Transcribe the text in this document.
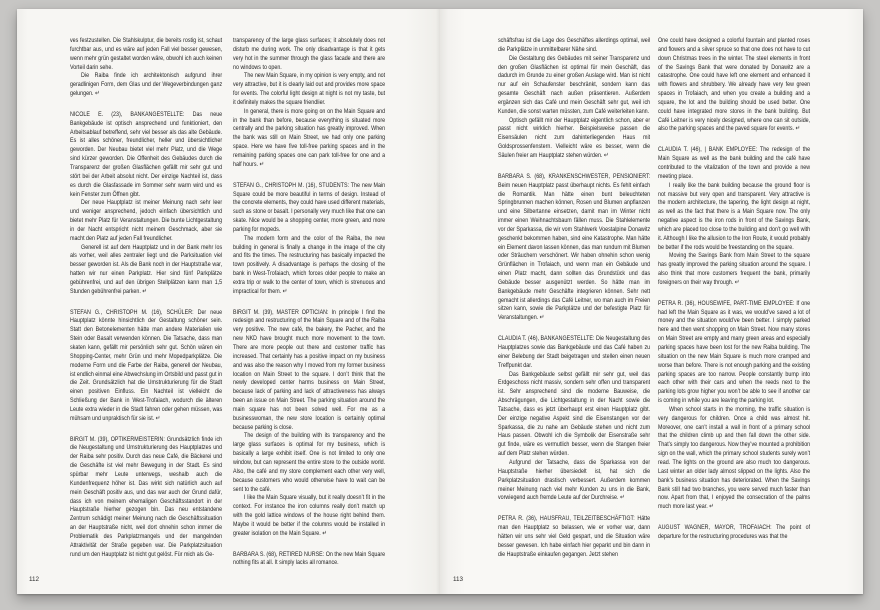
ves festzustellen. Die Stahlskulptur, die bereits rostig ist, schaut furchtbar aus, und es wäre auf jeden Fall viel besser gewesen, wenn mehr grün gestaltet worden wäre, obwohl ich auch keinen Vorteil darin sehe.

Die Raiba finde ich architektonisch aufgrund ihrer geradlinigen Form, dem Glas und der Wegeverbindungen ganz gelungen. ↵

NICOLE E. (23), BANKANGESTELLTE: Das neue Bankgebäude ist optisch ansprechend und funktioniert, den Arbeitsablauf betreffend, sehr viel besser als das alte Gebäude. Es ist alles schöner, freundlicher, heller und übersichtlicher geworden. Der Neubau bietet viel mehr Platz, und die Wege sind kürzer geworden. Die Offenheit des Gebäudes durch die Transparenz der großen Glasflächen gefällt mir sehr gut und stört bei der Arbeit absolut nicht. Der einzige Nachteil ist, dass es durch die Glasfassade im Sommer sehr warm wird und es kein Fenster zum Öffnen gibt.

Der neue Hauptplatz ist meiner Meinung nach sehr leer und weniger ansprechend, jedoch einfach übersichtlich und bietet mehr Platz für Veranstaltungen. Die bunte Lichtgestaltung in der Nacht entspricht nicht meinem Geschmack, aber sie macht den Platz auf jeden Fall freundlicher.

Generell ist auf dem Hauptplatz und in der Bank mehr los als vorher, weil alles zentraler liegt und die Parksituation viel besser geworden ist. Als die Bank noch in der Hauptstraße war, hatten wir nur einen Parkplatz. Hier sind fünf Parkplätze gebührenfrei, und auf den übrigen Stellplätzen kann man 1,5 Stunden gebührenfrei parken. ↵

STEFAN G., CHRISTOPH M. (16), SCHÜLER: Der neue Hauptplatz könnte hinsichtlich der Gestaltung schöner sein. Statt den Betonelementen hätte man andere Materialien wie Stein oder Basalt verwenden können. Die Tatsache, dass man skaten kann, gefällt mir persönlich sehr gut. Schön wären ein Shopping-Center, mehr Grün und mehr Mopedparkplätze. Die moderne Form und die Farbe der Raiba, generell der Neubau, ist endlich einmal eine Abwechslung im Ortsbild und passt gut in die Zeit. Grundsätzlich hat die Umstrukturierung für die Stadt einen positiven Einfluss. Ein Nachteil ist vielleicht die Schließung der Bank in West-Trofaiach, wodurch die älteren Leute extra wieder in die Stadt fahren oder gehen müssen, was mühsam und unpraktisch für sie ist. ↵

BIRGIT M. (39), OPTIKERMEISTERIN: Grundsätzlich finde ich die Neugestaltung und Umstrukturierung des Hauptplatzes und der Raiba sehr positiv. Durch das neue Café, die Bäckerei und die Geschäfte ist viel mehr Bewegung in der Stadt. Es sind spürbar mehr Leute unterwegs, weshalb auch die Kundenfrequenz höher ist. Das wirkt sich natürlich auch auf mein Geschäft positiv aus, und das war auch der Grund dafür, dass ich von meinem ehemaligen Geschäftsstandort in der Hauptstraße hierher gezogen bin. Das neu entstandene Zentrum schädigt meiner Meinung nach die Geschäftssituation an der Hauptstraße nicht, weil dort ohnehin schon immer die Problematik des Parkplatzmangels und der mangelnden Attraktivität der Straße gegeben war. Die Parkplatzsituation rund um den Hauptplatz ist nicht gut gelöst. Für mich als Ge-

transparency of the large glass surfaces; it absolutely does not disturb me during work. The only disadvantage is that it gets very hot in the summer through the glass facade and there are no windows to open.

The new Main Square, in my opinion is very empty, and not very attractive, but it is clearly laid out and provides more space for events. The colorful light design at night is not my taste, but it definitely makes the square friendlier.

In general, there is more going on on the Main Square and in the bank than before, because everything is situated more centrally and the parking situation has greatly improved. When the bank was still on Main Street, we had only one parking space. Here we have five toll-free parking spaces and in the remaining parking spaces one can park toll-free for one and a half hours. ↵

STEFAN G., CHRISTOPH M. (16), STUDENTS: The new Main Square could be more beautiful in terms of design. Instead of the concrete elements, they could have used different materials, such as stone or basalt. I personally very much like that one can skate. Nice would be a shopping center, more green, and more parking for mopeds.

The modern form and the color of the Raiba, the new building in general is finally a change in the image of the city and fits the times. The restructuring has basically impacted the town positively. A disadvantage is perhaps the closing of the bank in West-Trofaiach, which forces older people to make an extra trip or walk to the center of town, which is strenuous and impractical for them. ↵

BIRGIT M. (39), MASTER OPTICIAN: In principle I find the redesign and restructuring of the Main Square and of the Raiba very positive. The new café, the bakery, the Pacher, and the new NKD have brought much more movement to the town. There are more people out there and customer traffic has increased. That certainly has a positive impact on my business and was also the reason why I moved from my former business location on Main Street to the square. I don’t think that the newly developed center harms business on Main Street, because lack of parking and lack of attractiveness has always been an issue on Main Street. The parking situation around the main square has not been solved well. For me as a businesswoman, the new store location is certainly optimal because parking is close.

The design of the building with its transparency and the large glass surfaces is optimal for my business, which is basically a large exhibit itself. One is not limited to only one window, but can represent the entire store to the outside world. Also, the café and my store complement each other very well, because customers who would otherwise have to wait can be sent to the café.

I like the Main Square visually, but it really doesn’t fit in the context. For instance the iron columns really don’t match up with the gold lattice windows of the house right behind them. Maybe it would be better if the columns would be installed in greater isolation on the Main Square. ↵

BARBARA S. (68), RETIRED NURSE: On the new Main Square nothing fits at all. It simply lacks all romance.

112

schäftsfrau ist die Lage des Geschäftes allerdings optimal, weil die Parkplätze in unmittelbarer Nähe sind.

Die Gestaltung des Gebäudes mit seiner Transparenz und den großen Glasflächen ist optimal für mein Geschäft, das dadurch im Grunde zu einer großen Auslage wird. Man ist nicht nur auf ein Schaufenster beschränkt, sondern kann das gesamte Geschäft nach außen präsentieren. Außerdem ergänzen sich das Café und mein Geschäft sehr gut, weil ich Kunden, die sonst warten müssten, zum Café weiterleiten kann.

Optisch gefällt mir der Hauptplatz eigentlich schon, aber er passt nicht wirklich hierher. Beispielsweise passen die Eisensäulen nicht zum dahinterliegenden Haus mit Goldsprossenfenstern. Vielleicht wäre es besser, wenn die Säulen freier am Hauptplatz stehen würden. ↵

BARBARA S. (68), KRANKENSCHWESTER, PENSIONIERT: Beim neuen Hauptplatz passt überhaupt nichts. Es fehlt einfach die Romantik. Man hätte einen bunt beleuchteten Springbrunnen machen können, Rosen und Blumen anpflanzen und eine Silbertanne einsetzen, damit man im Winter nicht immer einen Weihnachtsbaum fällen muss. Die Stahlelemente vor der Sparkassa, die wir vom Stahlwerk Voestalpine Donawitz geschenkt bekommen haben, sind eine Katastrophe. Man hätte ein Element davon lassen können, das man rundum mit Blumen oder Sträuchern verschönert. Wir haben ohnehin schon wenig Grünflächen in Trofaiach, und wenn man ein Gebäude und einen Platz macht, dann sollten das Grundstück und das Gebäude besser ausgenützt werden. So hätte man im Bankgebäude mehr Geschäfte integrieren können. Sehr nett gemacht ist allerdings das Café Leitner, wo man auch im Freien sitzen kann, sowie die Parkplätze und der befestigte Platz für Veranstaltungen. ↵

CLAUDIA T. (46), BANKANGESTELLTE: Die Neugestaltung des Hauptplatzes sowie das Bankgebäude und das Café haben zu einer Belebung der Stadt beigetragen und stellen einen neuen Treffpunkt dar.

Das Bankgebäude selbst gefällt mir sehr gut, weil das Erdgeschoss nicht massiv, sondern sehr offen und transparent ist. Sehr ansprechend sind die moderne Bauweise, die Abschrägungen, die Lichtgestaltung in der Nacht sowie die Tatsache, dass es jetzt überhaupt erst einen Hauptplatz gibt. Der einzige negative Aspekt sind die Eisenstangen vor der Sparkassa, die zu nahe am Gebäude stehen und nicht zum Haus passen. Obwohl ich die Symbolik der Eisenstraße sehr gut finde, wäre es vermutlich besser, wenn die Stangen freier auf dem Platz stehen würden.

Aufgrund der Tatsache, dass die Sparkassa von der Hauptstraße hierher übersiedelt ist, hat sich die Parkplatzsituation drastisch verbessert. Außerdem kommen meiner Meinung nach viel mehr Kunden zu uns in die Bank, vorwiegend auch fremde Leute auf der Durchreise. ↵

PETRA R. (36), HAUSFRAU, TEILZEITBESCHÄFTIGT: Hätte man den Hauptplatz so belassen, wie er vorher war, dann hätten wir uns sehr viel Geld gespart, und die Situation wäre besser gewesen. Ich habe einfach hier geparkt und bin dann in die Hauptstraße einkaufen gegangen. Jetzt stehen

One could have designed a colorful fountain and planted roses and flowers and a silver spruce so that one does not have to cut down Christmas trees in the winter. The steel elements in front of the Savings Bank that were donated by Donawitz are a catastrophe. One could have left one element and enhanced it with flowers and shrubbery. We already have very few green spaces in Trofaiach, and when you create a building and a square, the lot and the building should be used better. One could have integrated more stores in the bank building. But Café Leitner is very nicely designed, where one can sit outside, also the parking spaces and the paved square for events. ↵

CLAUDIA T. (46), | BANK EMPLOYEE: The redesign of the Main Square as well as the bank building and the café have contributed to the vitalization of the town and provide a new meeting place.

I really like the bank building because the ground floor is not massive but very open and transparent. Very attractive is the modern architecture, the tapering, the light design at night, as well as the fact that there is a Main Square now. The only negative aspect is the iron rods in front of the Savings Bank, which are placed too close to the building and don’t go well with it. Although I like the allusion to the Iron Route, it would probably be better if the rods would be freestanding on the square.

Moving the Savings Bank from Main Street to the square has greatly improved the parking situation around the square. I also think that more customers frequent the bank, primarily foreigners on their way through. ↵

PETRA R. (36), HOUSEWIFE, PART-TIME EMPLOYEE: If one had left the Main Square as it was, we would’ve saved a lot of money and the situation would’ve been better. I simply parked here and then went shopping on Main Street. Now many stores on Main Street are empty and many green areas and especially parking spaces have been lost for the new Raiba building. The situation on the new Main Square is much more cramped and worse than before. There is not enough parking and the existing parking spaces are too narrow. People constantly bump into each other with their cars and when the reeds next to the parking lots grow higher you won’t be able to see if another car is coming in while you are leaving the parking lot.

When school starts in the morning, the traffic situation is very dangerous for children. Once a child was almost hit. Moreover, one can’t install a wall in front of a primary school that the children climb up and then fall down the other side. That’s simply too dangerous. Now they’ve mounted a prohibition sign on the wall, which the primary school students surely won’t read. The lights on the ground are also much too dangerous. Last winter an older lady almost slipped on the lights. Also the bank’s business situation has deteriorated. When the Savings Bank still had two branches, you were served much faster than now. Apart from that, I enjoyed the consecration of the palms much more last year. ↵

AUGUST WAGNER, MAYOR, TROFAIACH: The point of departure for the restructuring procedures was that the

113
